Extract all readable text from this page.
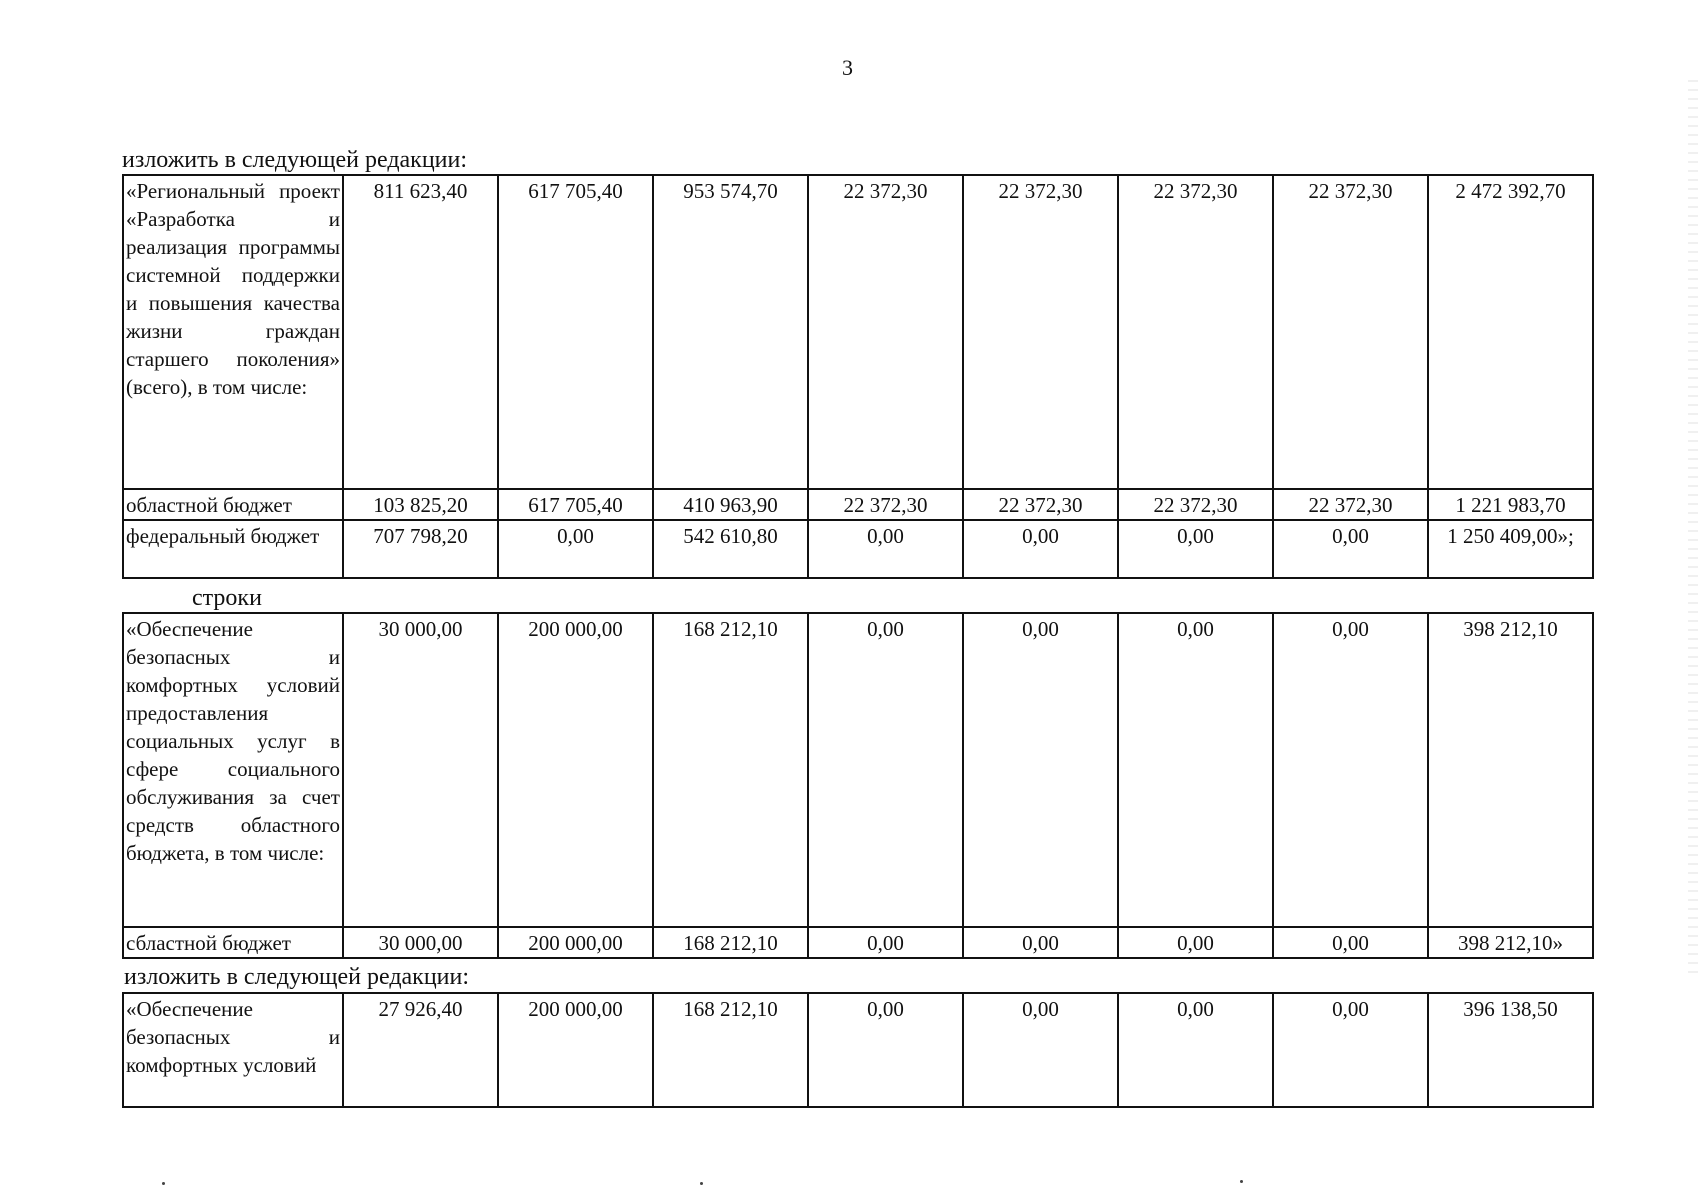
3
изложить в следующей редакции:
«Региональный проект «Разработка и реализация программы системной поддержки и повышения качества жизни граждан старшего поколения» (всего), в том числе:	811 623,40	617 705,40	953 574,70	22 372,30	22 372,30	22 372,30	22 372,30	2 472 392,70
областной бюджет	103 825,20	617 705,40	410 963,90	22 372,30	22 372,30	22 372,30	22 372,30	1 221 983,70
федеральный бюджет	707 798,20	0,00	542 610,80	0,00	0,00	0,00	0,00	1 250 409,00»;
строки
«Обеспечение безопасных и комфортных условий предоставления социальных услуг в сфере социального обслуживания за счет средств областного бюджета, в том числе:	30 000,00	200 000,00	168 212,10	0,00	0,00	0,00	0,00	398 212,10
сбластной бюджет	30 000,00	200 000,00	168 212,10	0,00	0,00	0,00	0,00	398 212,10»
изложить в следующей редакции:
«Обеспечение безопасных и комфортных условий	27 926,40	200 000,00	168 212,10	0,00	0,00	0,00	0,00	396 138,50
